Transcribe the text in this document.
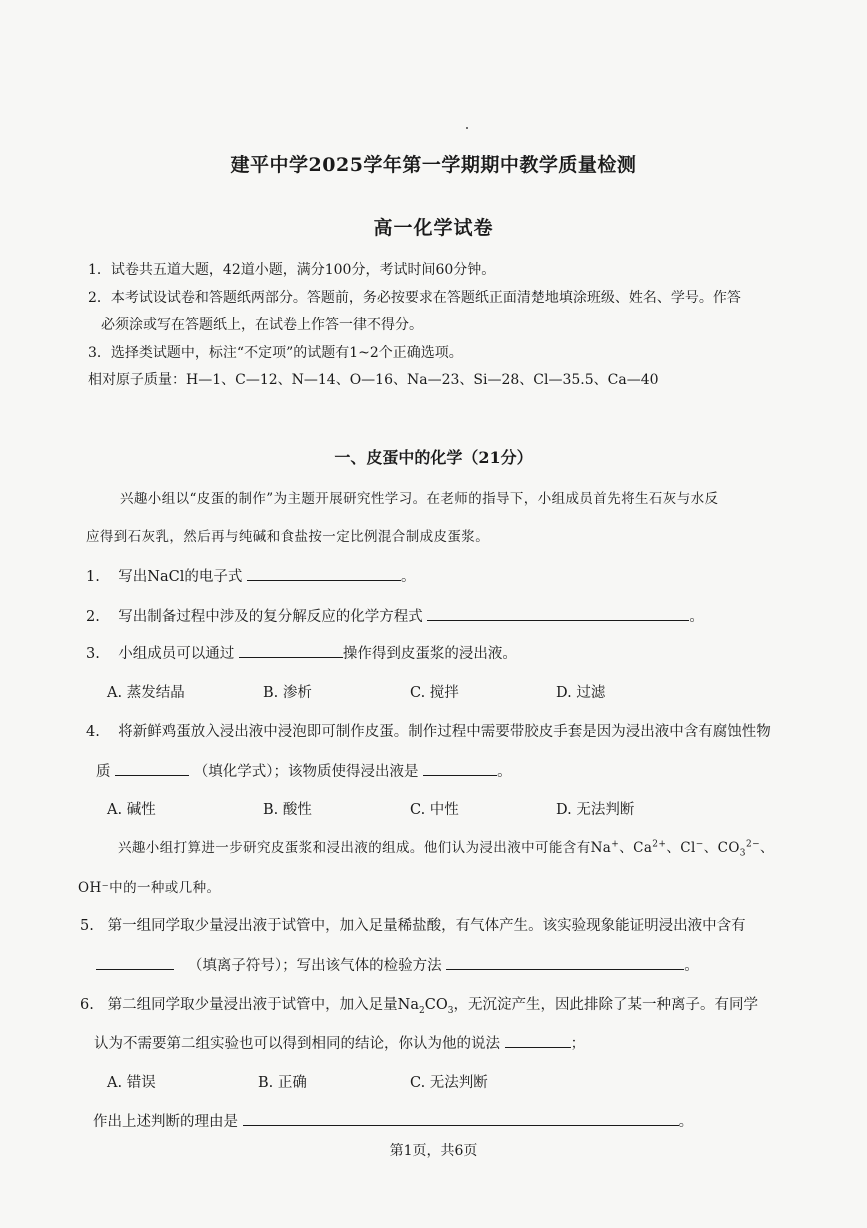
建平中学2025学年第一学期期中教学质量检测
高一化学试卷
1．试卷共五道大题，42道小题，满分100分，考试时间60分钟。
2．本考试设试卷和答题纸两部分。答题前，务必按要求在答题纸正面清楚地填涂班级、姓名、学号。作答
必须涂或写在答题纸上，在试卷上作答一律不得分。
3．选择类试题中，标注“不定项”的试题有1~2个正确选项。
相对原子质量：H—1、C—12、N—14、O—16、Na—23、Si—28、Cl—35.5、Ca—40
一、皮蛋中的化学（21分）
兴趣小组以“皮蛋的制作”为主题开展研究性学习。在老师的指导下，小组成员首先将生石灰与水反
应得到石灰乳，然后再与纯碱和食盐按一定比例混合制成皮蛋浆。
1. 写出NaCl的电子式	。
2. 写出制备过程中涉及的复分解反应的化学方程式	。
3. 小组成员可以通过	操作得到皮蛋浆的浸出液。
A. 蒸发结晶	B. 渗析	C. 搅拌	D. 过滤
4. 将新鲜鸡蛋放入浸出液中浸泡即可制作皮蛋。制作过程中需要带胶皮手套是因为浸出液中含有腐蚀性物
质	（填化学式）；该物质使得浸出液是	。
A. 碱性	B. 酸性	C. 中性	D. 无法判断
兴趣小组打算进一步研究皮蛋浆和浸出液的组成。他们认为浸出液中可能含有Na+、$Ca^{2+}$、Cl−、$CO_3^{2-}$、
OH⁻中的一种或几种。
5. 第一组同学取少量浸出液于试管中，加入足量稀盐酸，有气体产生。该实验现象能证明浸出液中含有
（填离子符号）；写出该气体的检验方法	。
6. 第二组同学取少量浸出液于试管中，加入足量$Na_2CO_3$，无沉淀产生，因此排除了某一种离子。有同学
认为不需要第二组实验也可以得到相同的结论，你认为他的说法	；
A. 错误	B. 正确	C. 无法判断
作出上述判断的理由是	。
第1页，共6页
